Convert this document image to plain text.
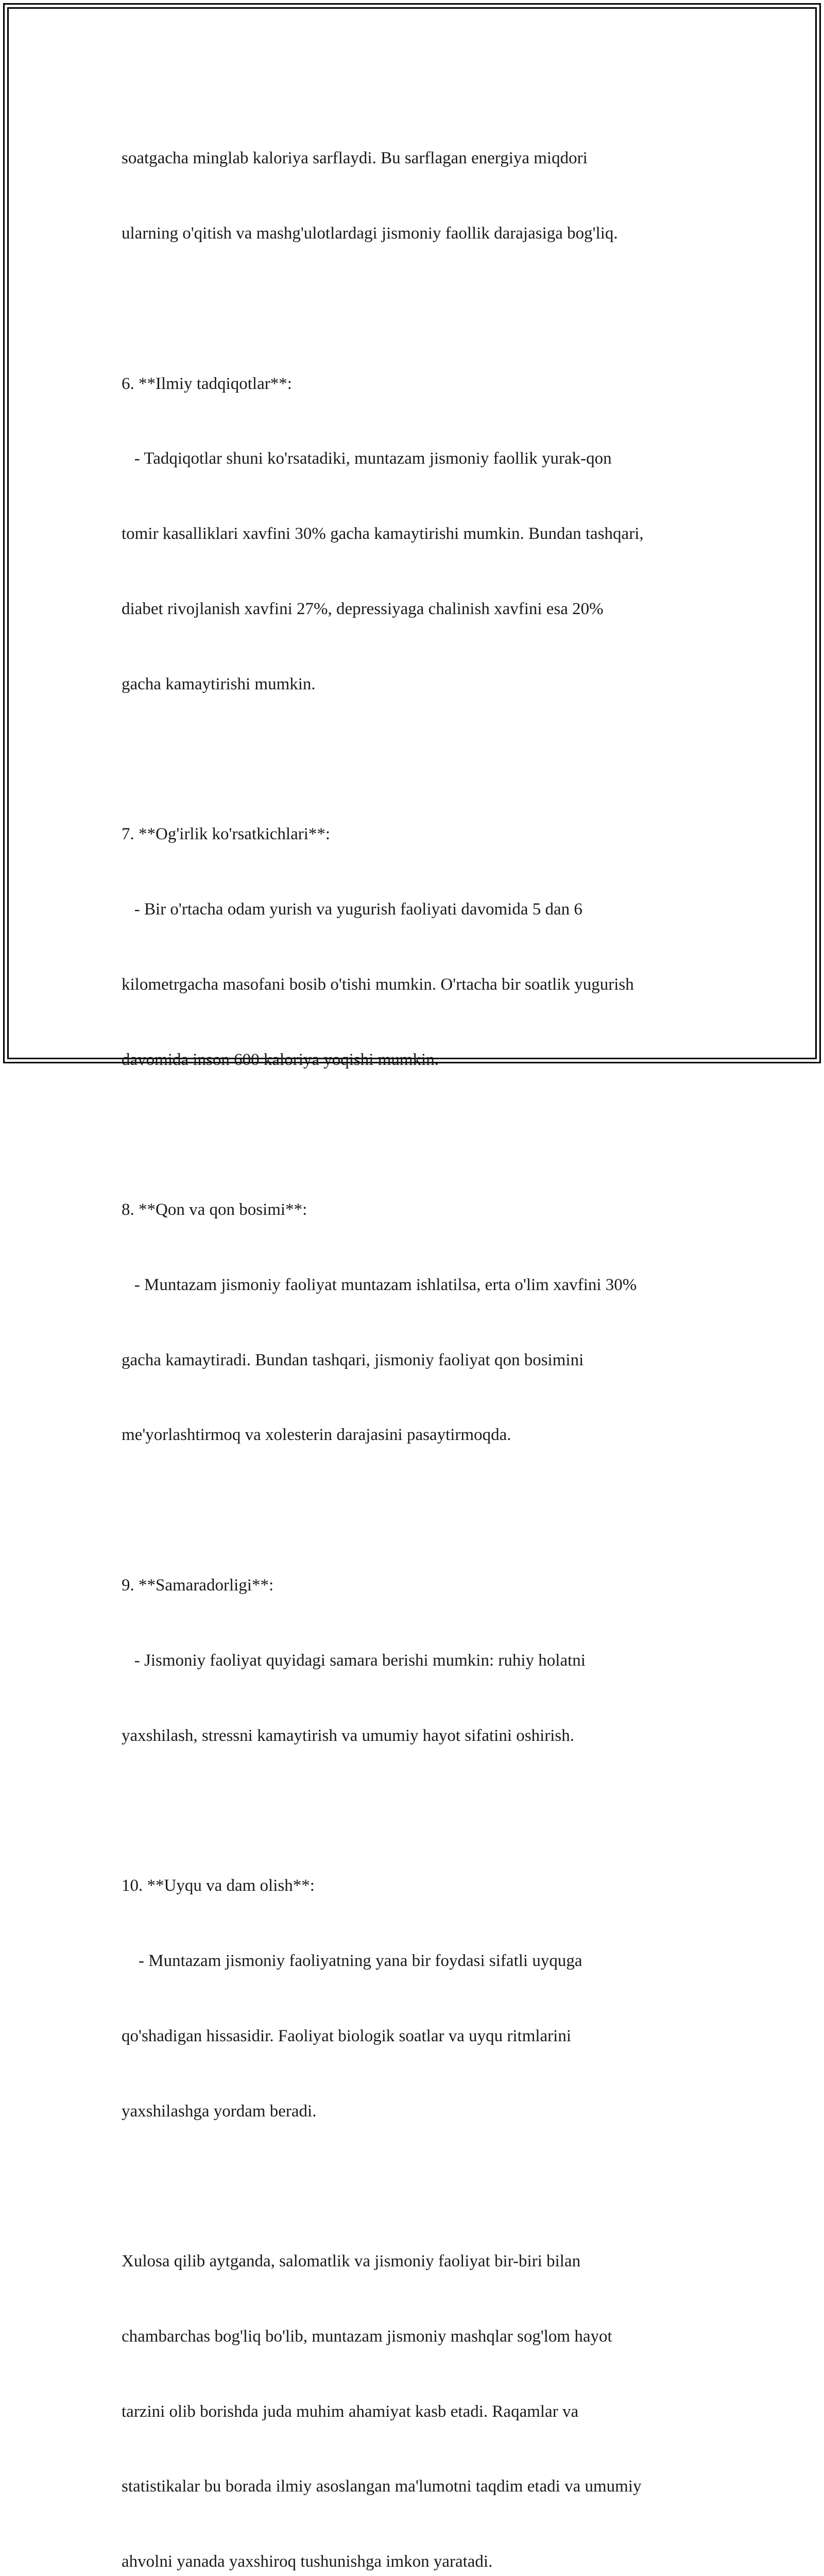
soatgacha minglab kaloriya sarflaydi. Bu sarflagan energiya miqdori

ularning o'qitish va mashg'ulotlardagi jismoniy faollik darajasiga bog'liq.

6. **Ilmiy tadqiqotlar**:

- Tadqiqotlar shuni ko'rsatadiki, muntazam jismoniy faollik yurak-qon

tomir kasalliklari xavfini 30% gacha kamaytirishi mumkin. Bundan tashqari,

diabet rivojlanish xavfini 27%, depressiyaga chalinish xavfini esa 20%

gacha kamaytirishi mumkin.

7. **Og'irlik ko'rsatkichlari**:

- Bir o'rtacha odam yurish va yugurish faoliyati davomida 5 dan 6

kilometrgacha masofani bosib o'tishi mumkin. O'rtacha bir soatlik yugurish

davomida inson 600 kaloriya yoqishi mumkin.

8. **Qon va qon bosimi**:

- Muntazam jismoniy faoliyat muntazam ishlatilsa, erta o'lim xavfini 30%

gacha kamaytiradi. Bundan tashqari, jismoniy faoliyat qon bosimini

me'yorlashtirmoq va xolesterin darajasini pasaytirmoqda.

9. **Samaradorligi**:

- Jismoniy faoliyat quyidagi samara berishi mumkin: ruhiy holatni

yaxshilash, stressni kamaytirish va umumiy hayot sifatini oshirish.

10. **Uyqu va dam olish**:

- Muntazam jismoniy faoliyatning yana bir foydasi sifatli uyquga

qo'shadigan hissasidir. Faoliyat biologik soatlar va uyqu ritmlarini

yaxshilashga yordam beradi.

Xulosa qilib aytganda, salomatlik va jismoniy faoliyat bir-biri bilan

chambarchas bog'liq bo'lib, muntazam jismoniy mashqlar sog'lom hayot

tarzini olib borishda juda muhim ahamiyat kasb etadi. Raqamlar va

statistikalar bu borada ilmiy asoslangan ma'lumotni taqdim etadi va umumiy

ahvolni yanada yaxshiroq tushunishga imkon yaratadi.
